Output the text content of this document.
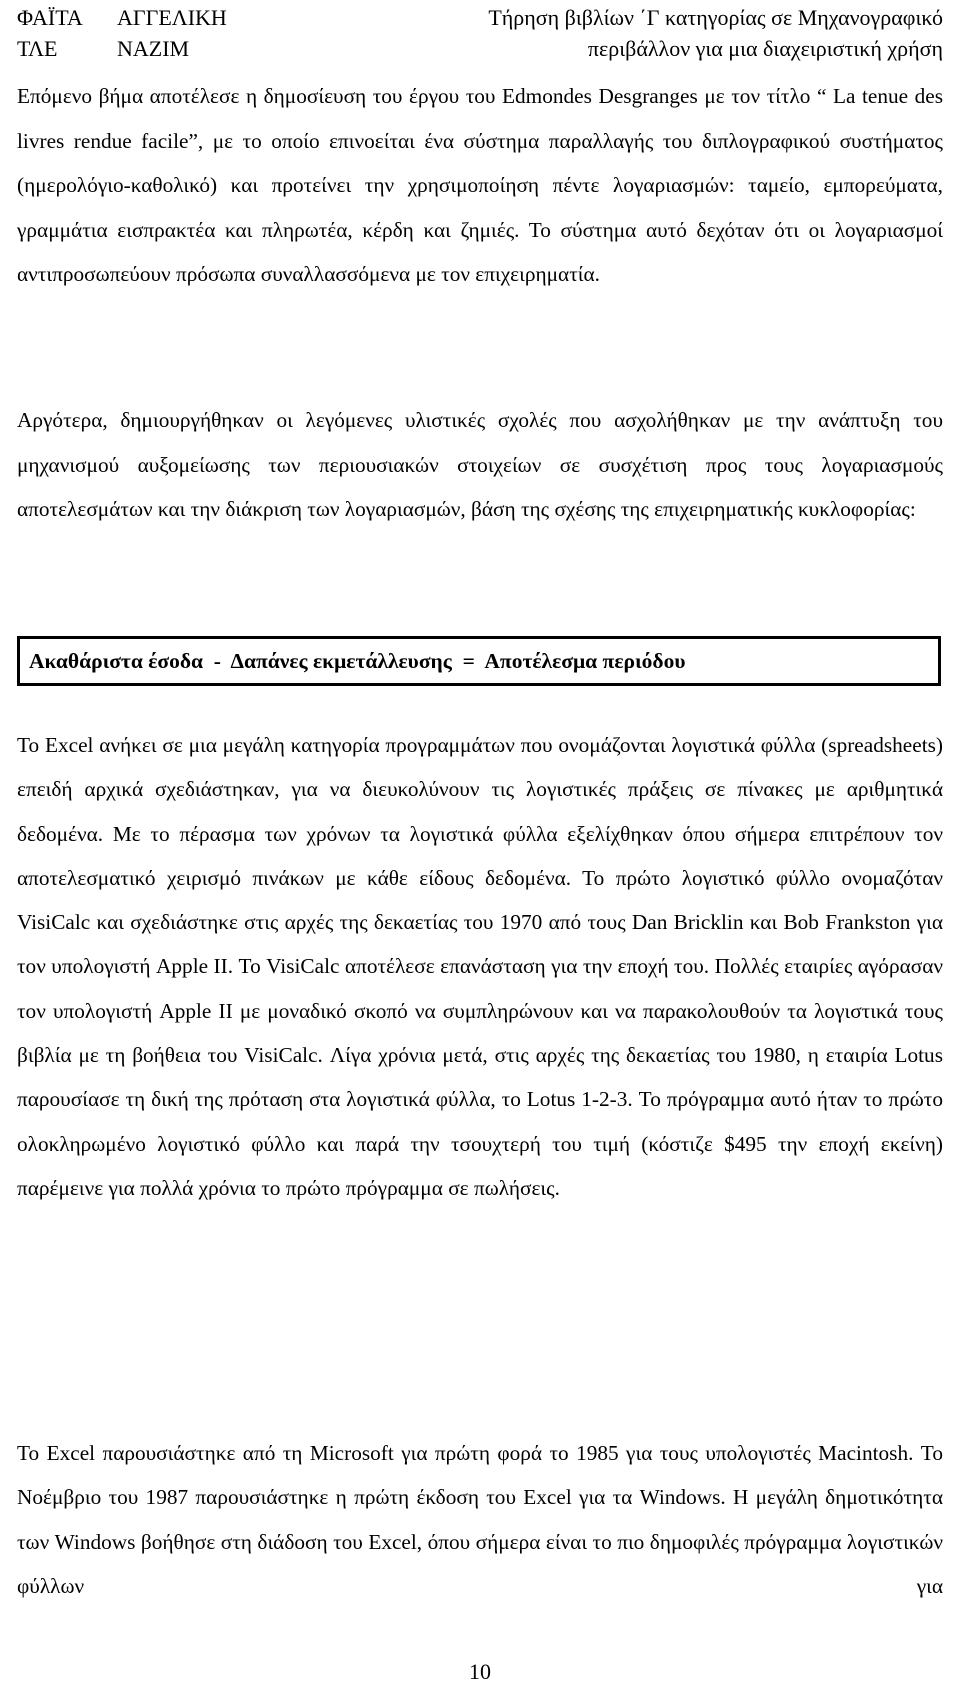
ΦΑΪΤΑ	ΑΓΓΕΛΙΚΗ
ΤΛΕ	ΝΑΖΙΜ
Τήρηση βιβλίων ΄Γ κατηγορίας σε Μηχανογραφικό
περιβάλλον για μια διαχειριστική χρήση

Επόμενο βήμα αποτέλεσε η δημοσίευση του έργου του Edmondes Desgranges με τον τίτλο “ La tenue des livres rendue facile”, με το οποίο επινοείται ένα σύστημα παραλλαγής του διπλογραφικού συστήματος (ημερολόγιο-καθολικό) και προτείνει την χρησιμοποίηση πέντε λογαριασμών: ταμείο, εμπορεύματα, γραμμάτια εισπρακτέα και πληρωτέα, κέρδη και ζημιές. Το σύστημα αυτό δεχόταν ότι οι λογαριασμοί αντιπροσωπεύουν πρόσωπα συναλλασσόμενα με τον επιχειρηματία.

Αργότερα, δημιουργήθηκαν οι λεγόμενες υλιστικές σχολές που ασχολήθηκαν με την ανάπτυξη του μηχανισμού αυξομείωσης των περιουσιακών στοιχείων σε συσχέτιση προς τους λογαριασμούς αποτελεσμάτων και την διάκριση των λογαριασμών, βάση της σχέσης της επιχειρηματικής κυκλοφορίας:

Ακαθάριστα έσοδα  -  Δαπάνες εκμετάλλευσης  =  Αποτέλεσμα περιόδου

Το Excel ανήκει σε μια μεγάλη κατηγορία προγραμμάτων που ονομάζονται λογιστικά φύλλα (spreadsheets) επειδή αρχικά σχεδιάστηκαν, για να διευκολύνουν τις λογιστικές πράξεις σε πίνακες με αριθμητικά δεδομένα. Με το πέρασμα των χρόνων τα λογιστικά φύλλα εξελίχθηκαν όπου σήμερα επιτρέπουν τον αποτελεσματικό χειρισμό πινάκων με κάθε είδους δεδομένα. Το πρώτο λογιστικό φύλλο ονομαζόταν VisiCalc και σχεδιάστηκε στις αρχές της δεκαετίας του 1970 από τους Dan Bricklin και Bob Frankston για τον υπολογιστή Apple II. Το VisiCalc αποτέλεσε επανάσταση για την εποχή του. Πολλές εταιρίες αγόρασαν τον υπολογιστή Apple II με μοναδικό σκοπό να συμπληρώνουν και να παρακολουθούν τα λογιστικά τους βιβλία με τη βοήθεια του VisiCalc. Λίγα χρόνια μετά, στις αρχές της δεκαετίας του 1980, η εταιρία Lotus παρουσίασε τη δική της πρόταση στα λογιστικά φύλλα, το Lotus 1-2-3. Το πρόγραμμα αυτό ήταν το πρώτο ολοκληρωμένο λογιστικό φύλλο και παρά την τσουχτερή του τιμή (κόστιζε $495 την εποχή εκείνη) παρέμεινε για πολλά χρόνια το πρώτο πρόγραμμα σε πωλήσεις.

Το Excel παρουσιάστηκε από τη Microsoft για πρώτη φορά το 1985 για τους υπολογιστές Macintosh. Το Νοέμβριο του 1987 παρουσιάστηκε η πρώτη έκδοση του Excel για τα Windows. Η μεγάλη δημοτικότητα των Windows βοήθησε στη διάδοση του Excel, όπου σήμερα είναι το πιο δημοφιλές πρόγραμμα λογιστικών φύλλων για

10
